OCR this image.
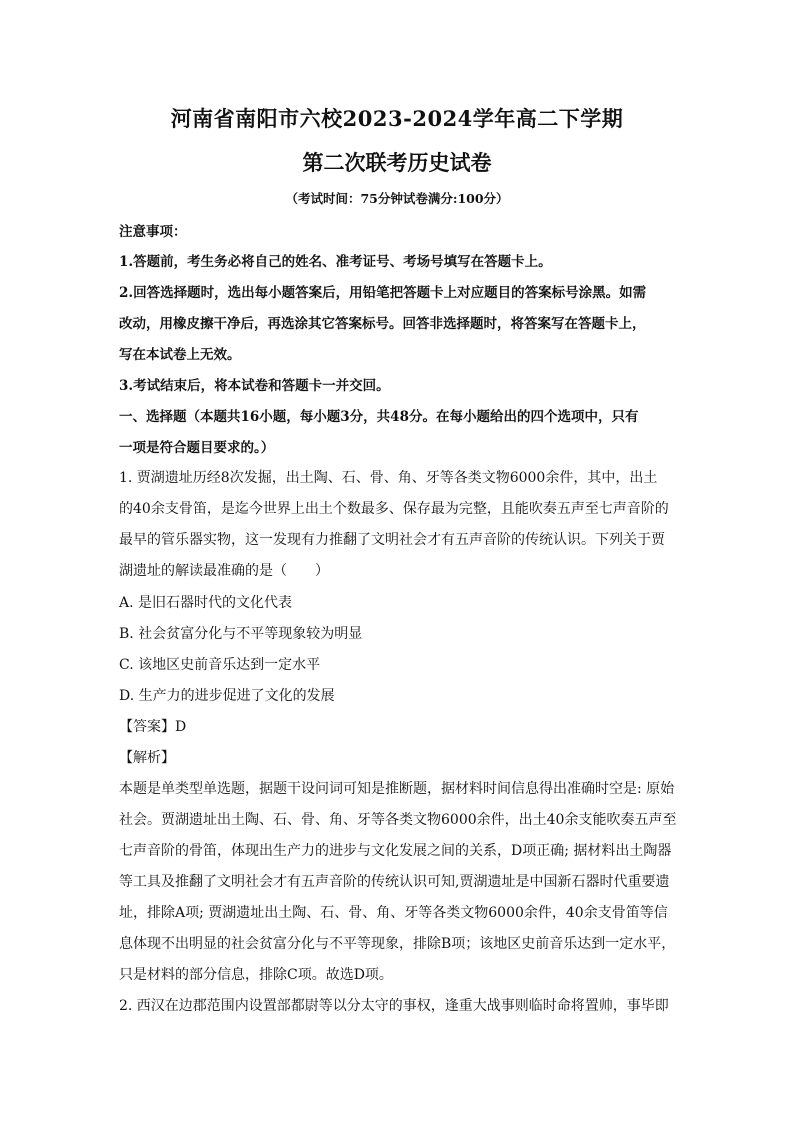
河南省南阳市六校2023-2024学年高二下学期
第二次联考历史试卷
（考试时间：75分钟试卷满分:100分）
注意事项：
1.答题前，考生务必将自己的姓名、准考证号、考场号填写在答题卡上。
2.回答选择题时，选出每小题答案后，用铅笔把答题卡上对应题目的答案标号涂黑。如需
改动，用橡皮擦干净后，再选涂其它答案标号。回答非选择题时，将答案写在答题卡上，
写在本试卷上无效。
3.考试结束后，将本试卷和答题卡一并交回。
一、选择题（本题共16小题，每小题3分，共48分。在每小题给出的四个选项中，只有
一项是符合题目要求的。）
1. 贾湖遗址历经8次发掘，出土陶、石、骨、角、牙等各类文物6000余件，其中，出土
的40余支骨笛，是迄今世界上出土个数最多、保存最为完整，且能吹奏五声至七声音阶的
最早的管乐器实物，这一发现有力推翻了文明社会才有五声音阶的传统认识。下列关于贾
湖遗址的解读最准确的是（　　）
A. 是旧石器时代的文化代表
B. 社会贫富分化与不平等现象较为明显
C. 该地区史前音乐达到一定水平
D. 生产力的进步促进了文化的发展
【答案】D
【解析】
本题是单类型单选题，据题干设问词可知是推断题，据材料时间信息得出准确时空是: 原始
社会。贾湖遗址出土陶、石、骨、角、牙等各类文物6000余件，出土40余支能吹奏五声至
七声音阶的骨笛，体现出生产力的进步与文化发展之间的关系，D项正确; 据材料出土陶器
等工具及推翻了文明社会才有五声音阶的传统认识可知,贾湖遗址是中国新石器时代重要遗
址，排除A项; 贾湖遗址出土陶、石、骨、角、牙等各类文物6000余件，40余支骨笛等信
息体现不出明显的社会贫富分化与不平等现象，排除B项；该地区史前音乐达到一定水平，
只是材料的部分信息，排除C项。故选D项。
2. 西汉在边郡范围内设置部都尉等以分太守的事权，逢重大战事则临时命将置帅，事毕即
